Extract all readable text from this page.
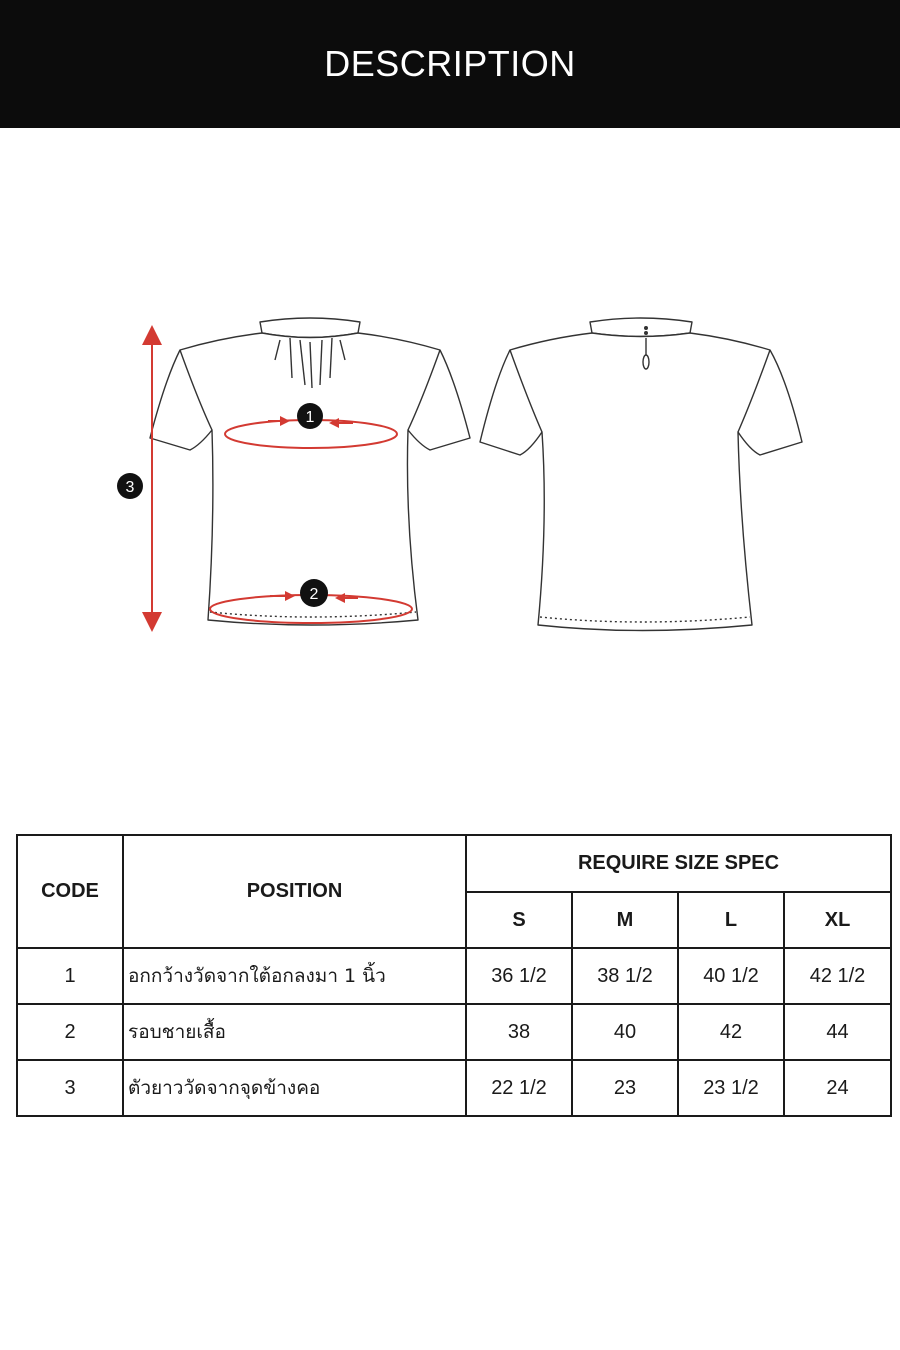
DESCRIPTION
1
2
3
CODE	POSITION	REQUIRE SIZE SPEC			
		S	M	L	XL
1	อกกว้างวัดจากใต้อกลงมา 1 นิ้ว	36 1/2	38 1/2	40 1/2	42 1/2
2	รอบชายเสื้อ	38	40	42	44
3	ตัวยาววัดจากจุดข้างคอ	22 1/2	23	23 1/2	24
